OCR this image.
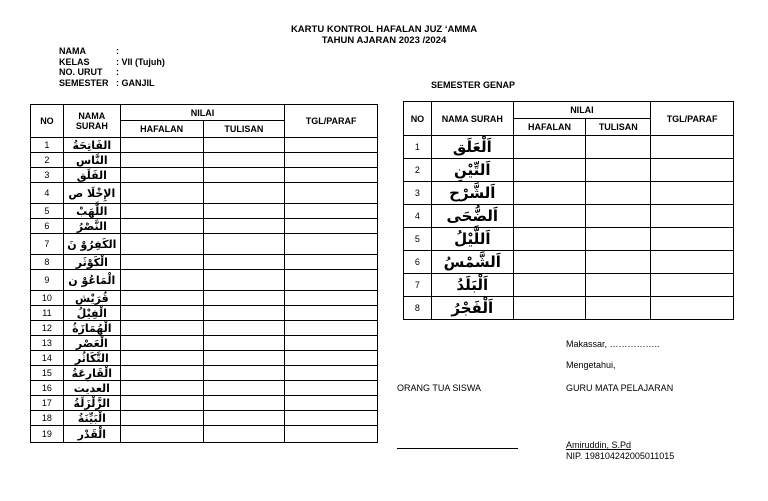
KARTU KONTROL HAFALAN JUZ ‘AMMA
TAHUN AJARAN 2023 /2024
NAMA	:
KELAS	: VII (Tujuh)
NO. URUT	:
SEMESTER : GANJIL	SEMESTER GENAP
NO	NAMA SURAH	NILAI		TGL/PARAF
		HAFALAN	TULISAN	
1	الفَاتِحَةُ			
2	النَّاس			
3	الفَلَق			
4	الإِخْلَا ص			
5	اللَّهَبْ			
6	النَّصْرُ			
7	الكَفِرُوْ نَ			
8	الْكَوْثَر			
9	الْمَاعُوْ ن			
10	قُرَيْش			
11	الْفِيْلُ			
12	الْهُمَازَةُ			
13	الْعَصْر			
14	التَّكَاثُر			
15	الْقَارِعَةُ			
16	العديت			
17	الزَّلْزَلَةُ			
18	الْبَيِّنَةُ			
19	الْقَدْر			
NO	NAMA SURAH	NILAI		TGL/PARAF
		HAFALAN	TULISAN	
1	اَلْعَلَق			
2	اَلتِّيْنِ			
3	اَلشَّرْح			
4	اَلضُّحَى			
5	اَللَّيْلُ			
6	اَلشَّمْسُ			
7	اَلْبَلَدُ			
8	اَلْفَجْرُ			
Makassar, ……………..
Mengetahui,
ORANG TUA SISWA	GURU MATA PELAJARAN
Amiruddin, S.Pd
NIP. 198104242005011015
